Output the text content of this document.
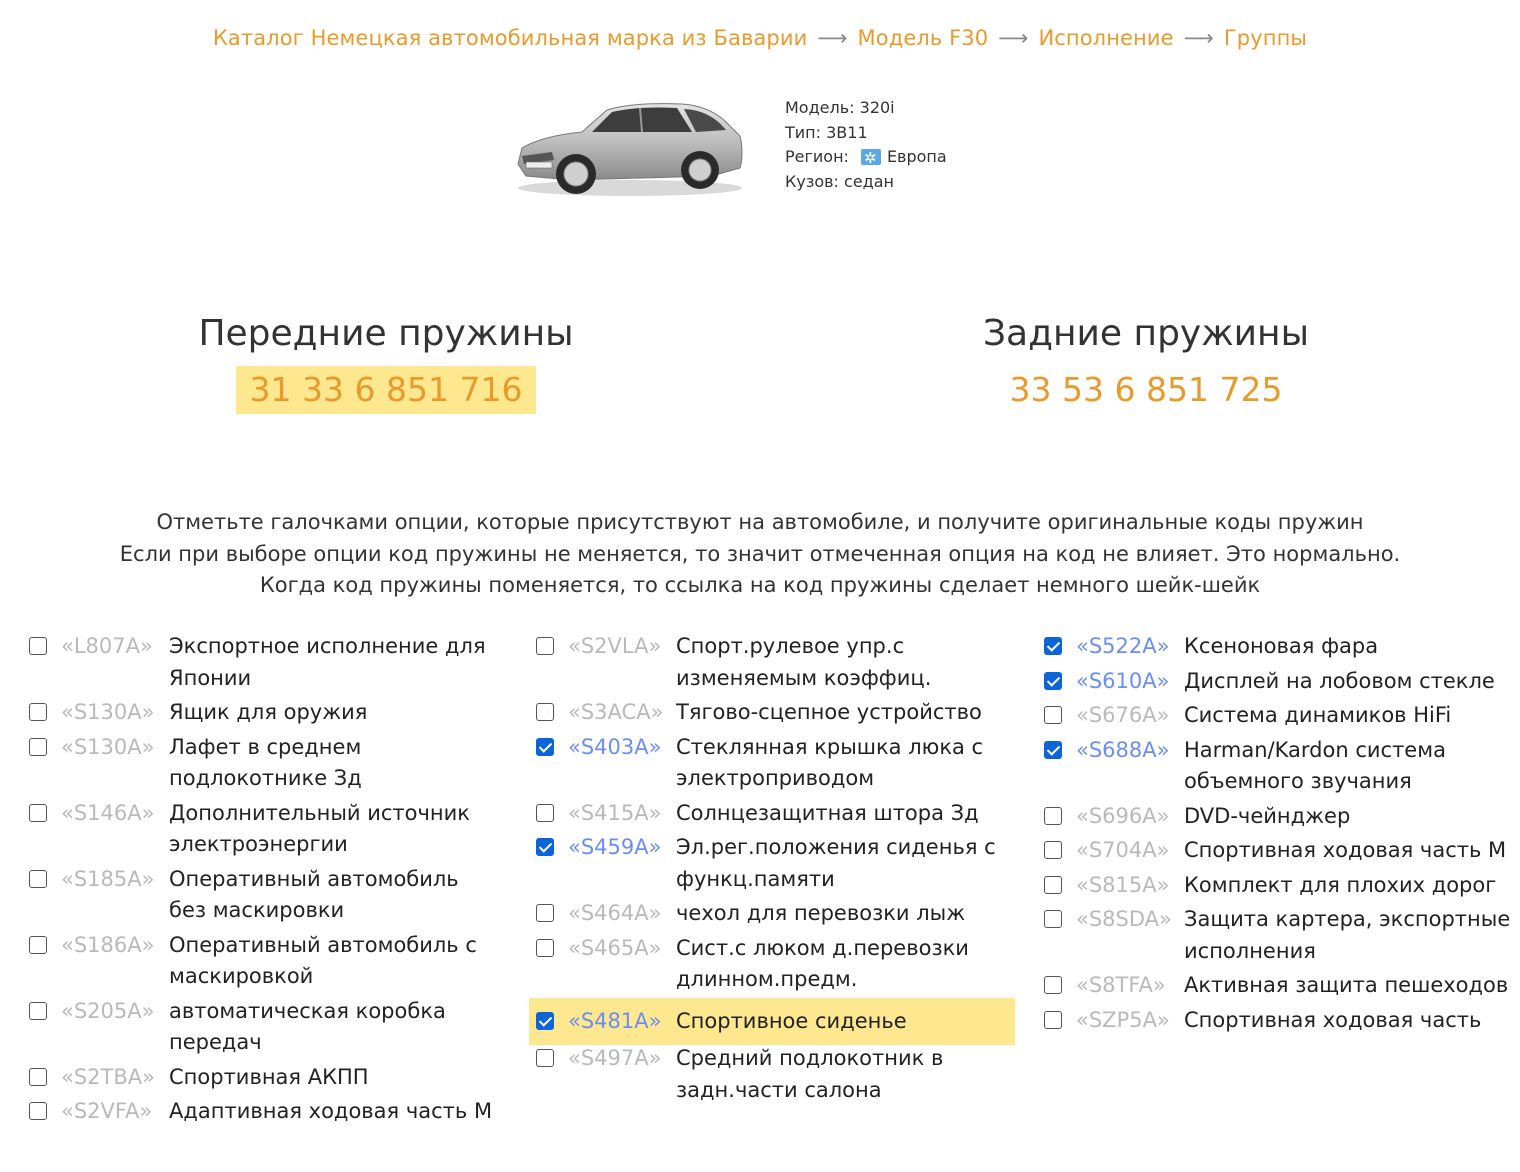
Каталог Немецкая автомобильная марка из Баварии ⟶ Модель F30 ⟶ Исполнение ⟶ Группы
Модель: 320i
Тип: 3B11
Регион:✲ Европа
Кузов: седан
Передние пружины
31 33 6 851 716
Задние пружины
33 53 6 851 725
Отметьте галочками опции, которые присутствуют на автомобиле, и получите оригинальные коды пружин
Если при выборе опции код пружины не меняется, то значит отмеченная опция на код не влияет. Это нормально.
Когда код пружины поменяется, то ссылка на код пружины сделает немного шейк-шейк
«L807A» Экспортное исполнение для Японии
«S130A» Ящик для оружия
«S130A» Лафет в среднем подлокотнике Зд
«S146A» Дополнительный источник электроэнергии
«S185A» Оперативный автомобиль без маскировки
«S186A» Оперативный автомобиль с маскировкой
«S205A» автоматическая коробка передач
«S2TBA» Спортивная АКПП
«S2VFA» Адаптивная ходовая часть M
«S2VLA» Спорт.рулевое упр.с изменяемым коэффиц.
«S3ACA» Тягово-сцепное устройство
«S403A» Стеклянная крышка люка с электроприводом
«S415A» Солнцезащитная штора Зд
«S459A» Эл.рег.положения сиденья с функц.памяти
«S464A» чехол для перевозки лыж
«S465A» Сист.с люком д.перевозки длинном.предм.
«S481A» Спортивное сиденье
«S497A» Средний подлокотник в задн.части салона
«S522A» Ксеноновая фара
«S610A» Дисплей на лобовом стекле
«S676A» Система динамиков HiFi
«S688A» Harman/Kardon система объемного звучания
«S696A» DVD-чейнджер
«S704A» Спортивная ходовая часть M
«S815A» Комплект для плохих дорог
«S8SDA» Защита картера, экспортные исполнения
«S8TFA» Активная защита пешеходов
«SZP5A» Спортивная ходовая часть
